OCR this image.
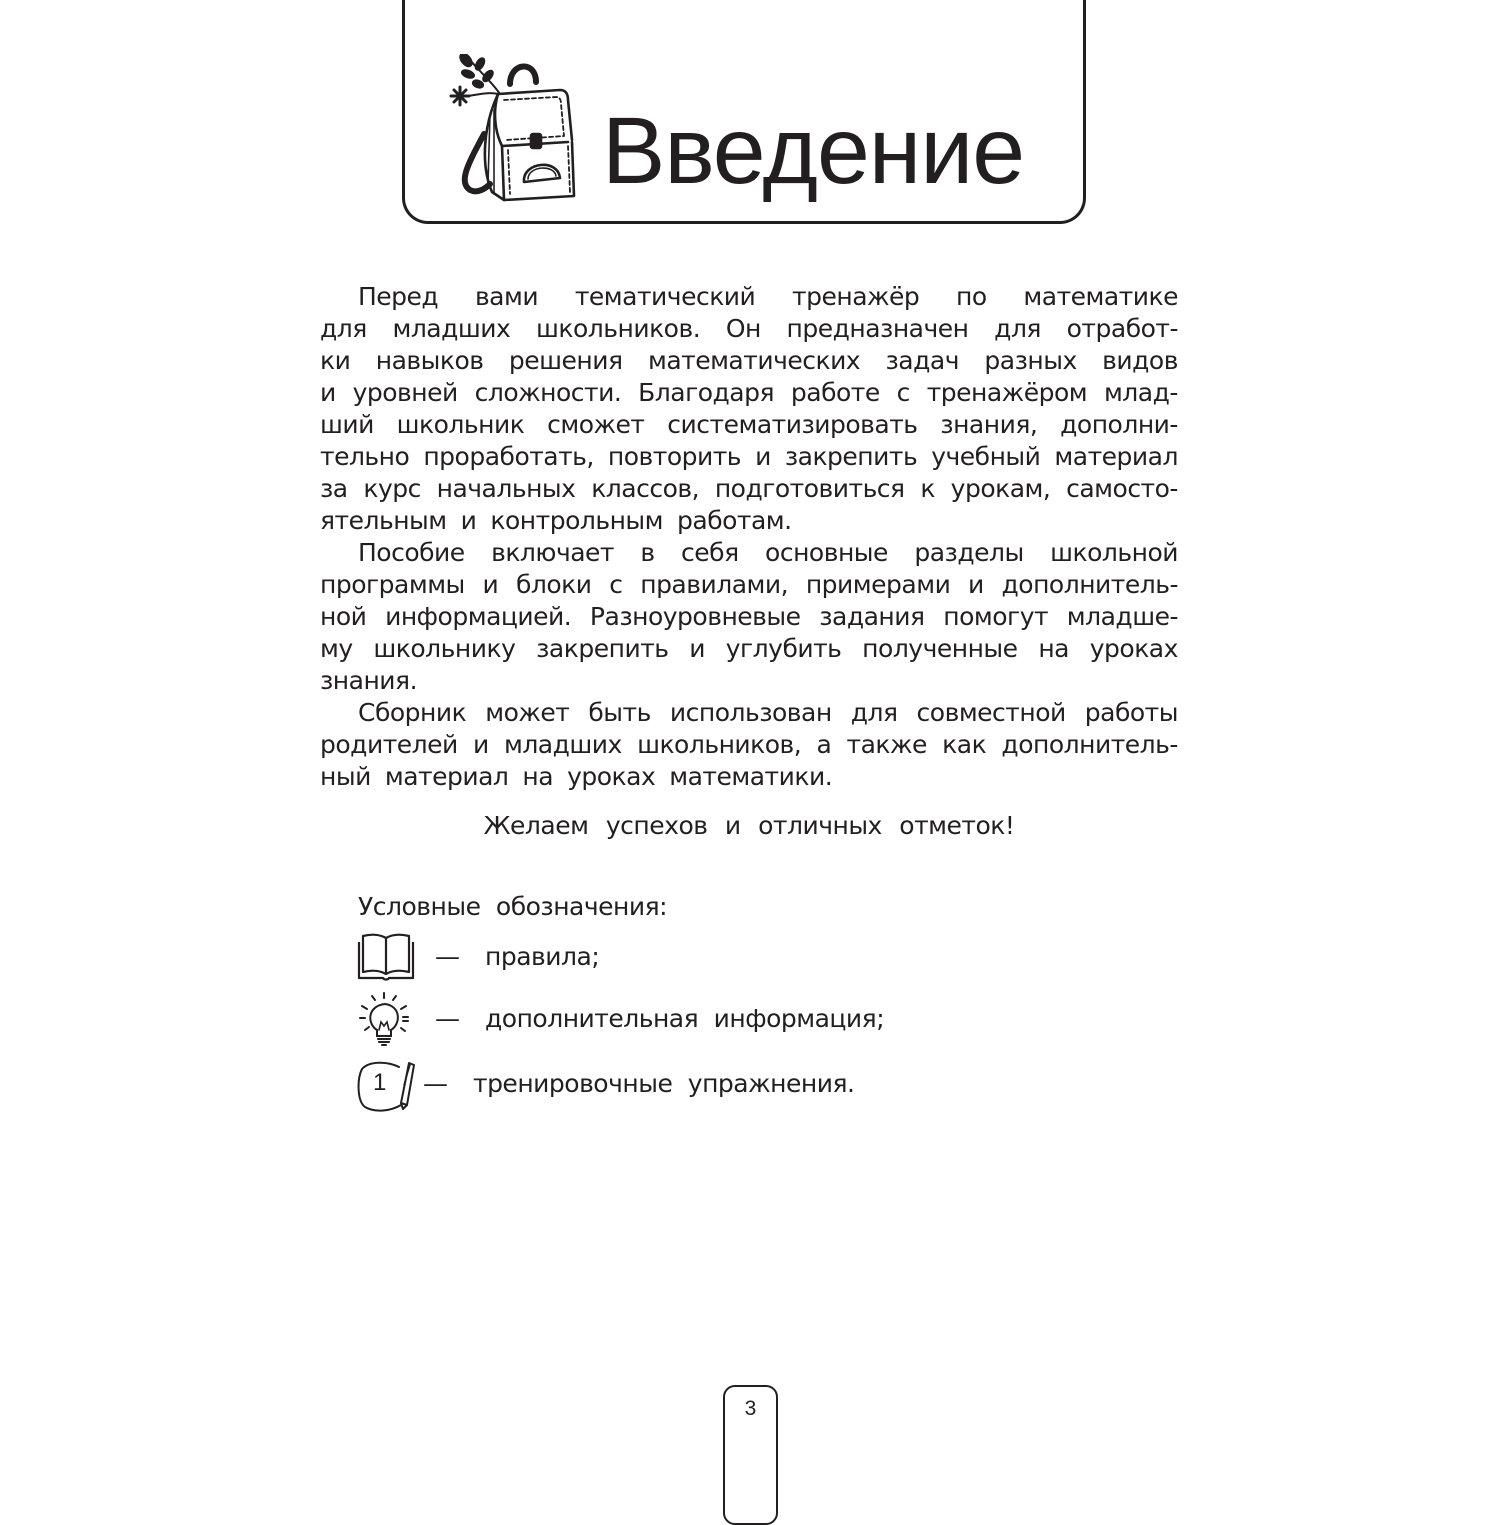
Введение
Перед вами тематический тренажёр по математике
для младших школьников. Он предназначен для отработ-
ки навыков решения математических задач разных видов
и уровней сложности. Благодаря работе с тренажёром млад-
ший школьник сможет систематизировать знания, дополни-
тельно проработать, повторить и закрепить учебный материал
за курс начальных классов, подготовиться к урокам, самосто-
ятельным и контрольным работам.
Пособие включает в себя основные разделы школьной
программы и блоки с правилами, примерами и дополнитель-
ной информацией. Разноуровневые задания помогут младше-
му школьнику закрепить и углубить полученные на уроках
знания.
Сборник может быть использован для совместной работы
родителей и младших школьников, а также как дополнитель-
ный материал на уроках математики.
Желаем успехов и отличных отметок!
Условные обозначения:
—	правила;
—	дополнительная информация;
1 —	тренировочные упражнения.
3
